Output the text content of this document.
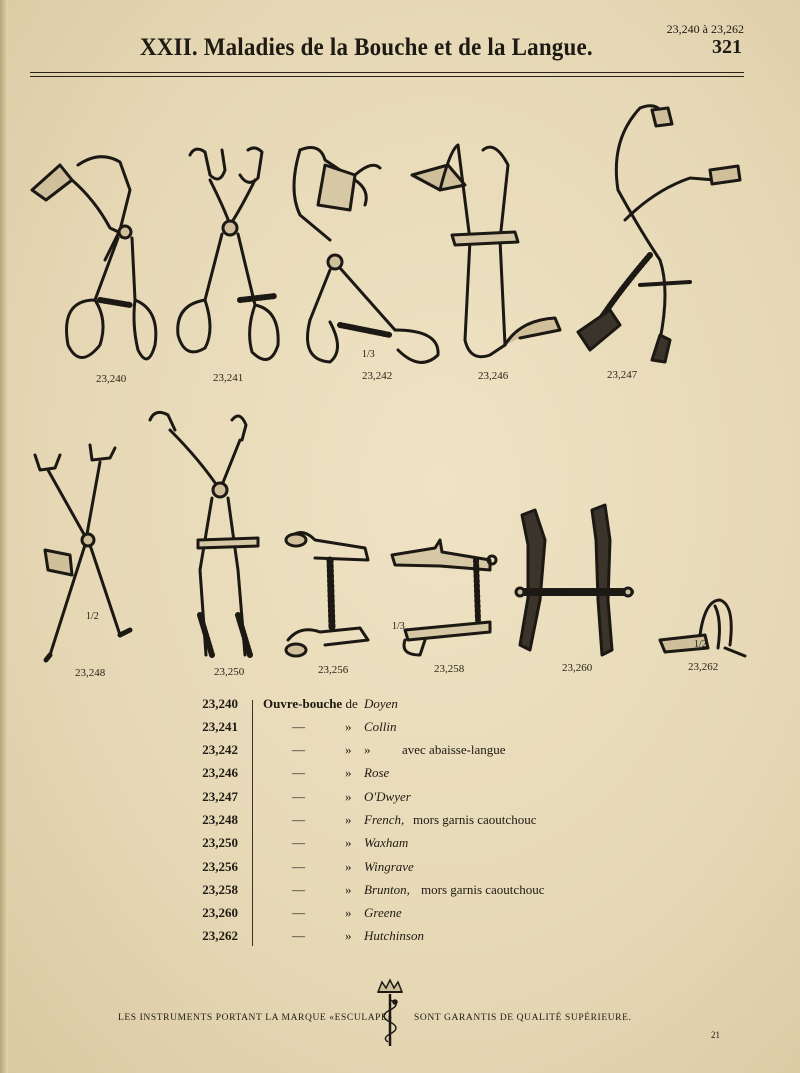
23,240 à 23,262
XXII. Maladies de la Bouche et de la Langue.	321
23,240	23,241	23,242
1/3
23,246	23,247
23,248
1/2
23,250	23,256	23,258
1/3
23,260	23,262
1/2
23,240 Ouvre-bouche de Doyen
23,241	—	» Collin
23,242	—	» » avec abaisse-langue
23,246	—	» Rose
23,247	—	» O'Dwyer
23,248	—	» French, mors garnis caoutchouc
23,250	—	» Waxham
23,256	—	» Wingrave
23,258	—	» Brunton, mors garnis caoutchouc
23,260	—	» Greene
23,262	—	» Hutchinson
LES INSTRUMENTS PORTANT LA MARQUE «ESCULAPE» SONT GARANTIS DE QUALITÉ SUPÉRIEURE.
21
